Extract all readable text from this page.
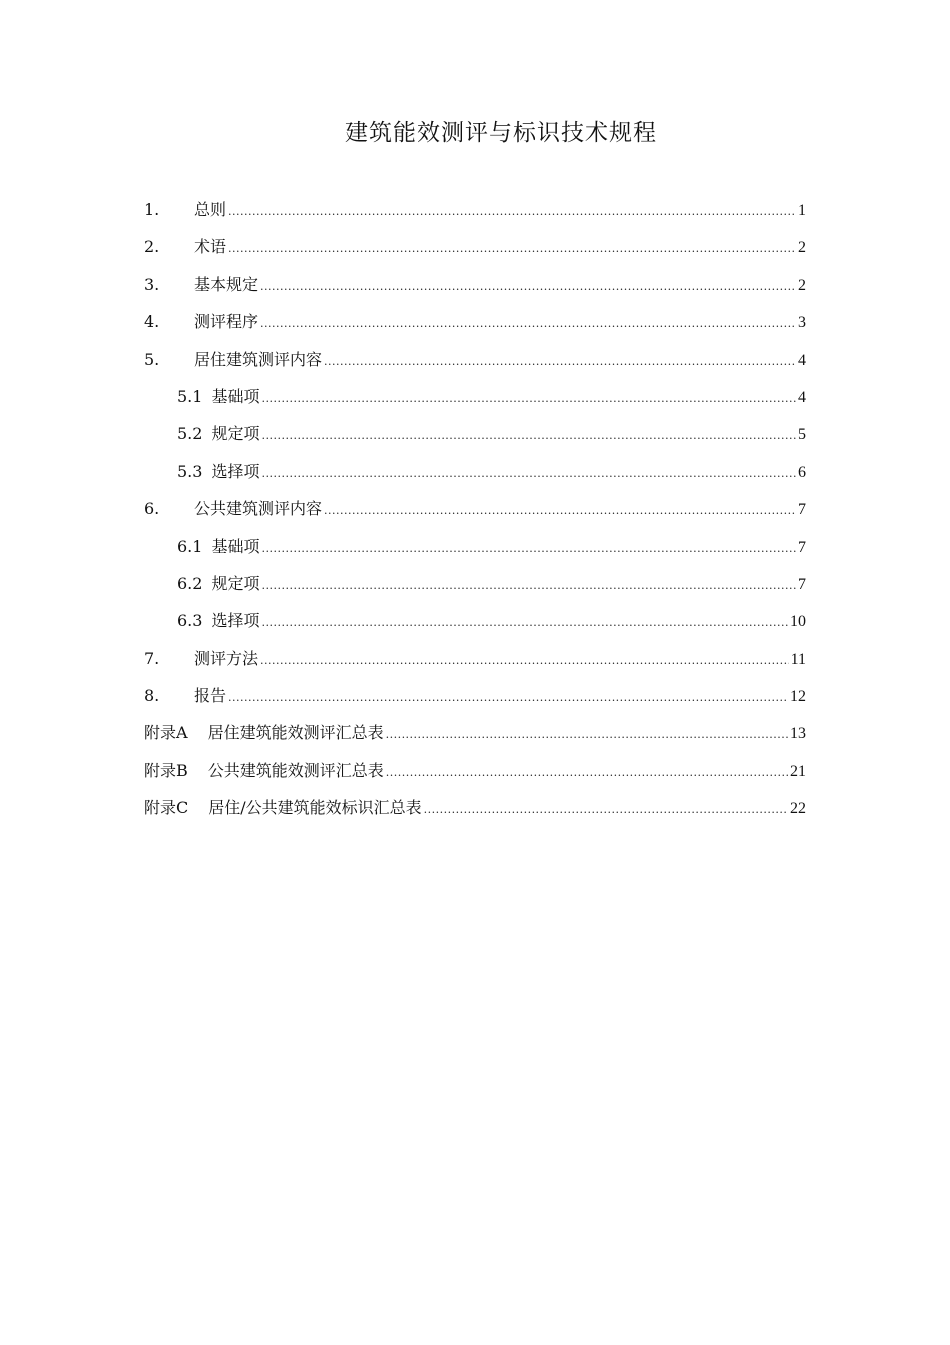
建筑能效测评与标识技术规程
1.	总则 .....	1
2.	术语 .....	2
3.	基本规定 .....	2
4.	测评程序 .....	3
5.	居住建筑测评内容 .....	4
5.1 基础项 .....	4
5.2 规定项 .....	5
5.3 选择项 .....	6
6.	公共建筑测评内容 .....	7
6.1 基础项 .....	7
6.2 规定项 .....	7
6.3 选择项 .....	10
7.	测评方法 .....	11
8.	报告 .....	12
附录A 居住建筑能效测评汇总表 .....	13
附录B 公共建筑能效测评汇总表 .....	21
附录C 居住/公共建筑能效标识汇总表 .....	22
